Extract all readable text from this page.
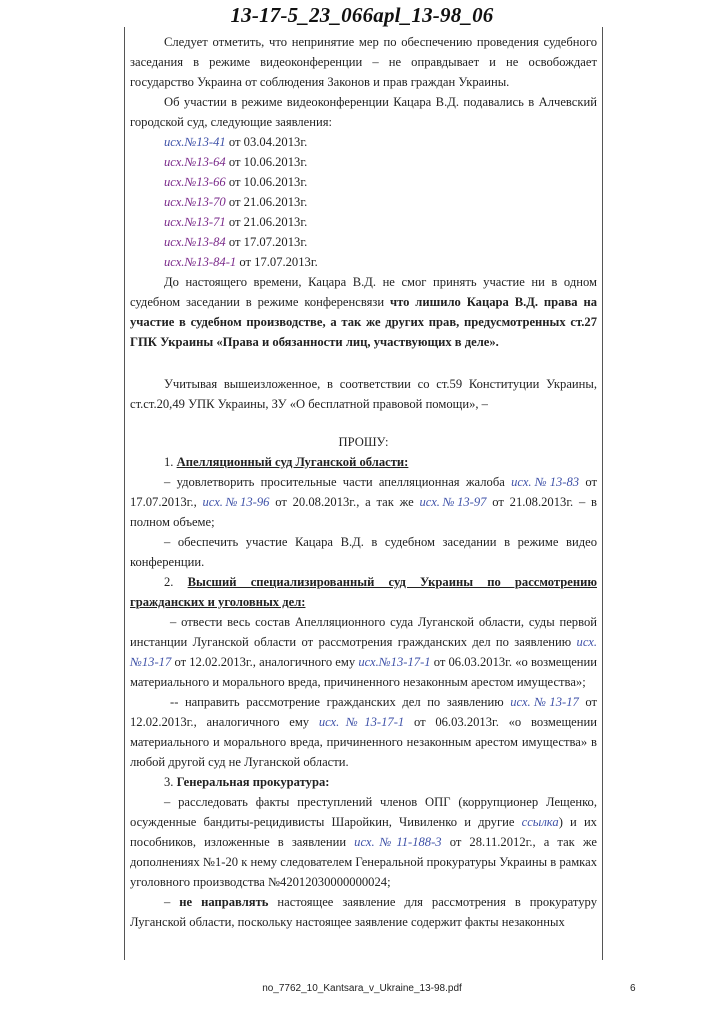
13-17-5_23_066apl_13-98_06

Следует отметить, что непринятие мер по обеспечению проведения судебного заседания в режиме видеоконференции – не оправдывает и не освобождает государство Украина от соблюдения Законов и прав граждан Украины.

Об участии в режиме видеоконференции Кацара В.Д. подавались в Алчевский городской суд, следующие заявления:

исх.№13-41 от 03.04.2013г.

исх.№13-64 от 10.06.2013г.

исх.№13-66 от 10.06.2013г.

исх.№13-70 от 21.06.2013г.

исх.№13-71 от 21.06.2013г.

исх.№13-84 от 17.07.2013г.

исх.№13-84-1 от 17.07.2013г.

До настоящего времени, Кацара В.Д. не смог принять участие ни в одном судебном заседании в режиме конференсвязи что лишило Кацара В.Д. права на участие в судебном производстве, а так же других прав, предусмотренных ст.27 ГПК Украины «Права и обязанности лиц, участвующих в деле».

Учитывая вышеизложенное, в соответствии со ст.59 Конституции Украины, ст.ст.20,49 УПК Украины, ЗУ «О бесплатной правовой помощи», –

ПРОШУ:

1. Апелляционный суд Луганской области:

– удовлетворить просительные части апелляционная жалоба исх.№13-83 от 17.07.2013г., исх.№13-96 от 20.08.2013г., а так же исх.№13-97 от 21.08.2013г. – в полном объеме;

– обеспечить участие Кацара В.Д. в судебном заседании в режиме видео конференции.

2. Высший специализированный суд Украины по рассмотрению гражданских и уголовных дел:

– отвести весь состав Апелляционного суда Луганской области, суды первой инстанции Луганской области от рассмотрения гражданских дел по заявлению исх.№13-17 от 12.02.2013г., аналогичного ему исх.№13-17-1 от 06.03.2013г. «о возмещении материального и морального вреда, причиненного незаконным арестом имущества»;

-- направить рассмотрение гражданских дел по заявлению исх.№13-17 от 12.02.2013г., аналогичного ему исх.№13-17-1 от 06.03.2013г. «о возмещении материального и морального вреда, причиненного незаконным арестом имущества» в любой другой суд не Луганской области.

3. Генеральная прокуратура:

– расследовать факты преступлений членов ОПГ (коррупционер Лещенко, осужденные бандиты-рецидивисты Шаройкин, Чивиленко и другие ссылка) и их пособников, изложенные в заявлении исх.№11-188-3 от 28.11.2012г., а так же дополнениях №1-20 к нему следователем Генеральной прокуратуры Украины в рамках уголовного производства №42012030000000024;

– не направлять настоящее заявление для рассмотрения в прокуратуру Луганской области, поскольку настоящее заявление содержит факты незаконных

no_7762_10_Kantsara_v_Ukraine_13-98.pdf	6
